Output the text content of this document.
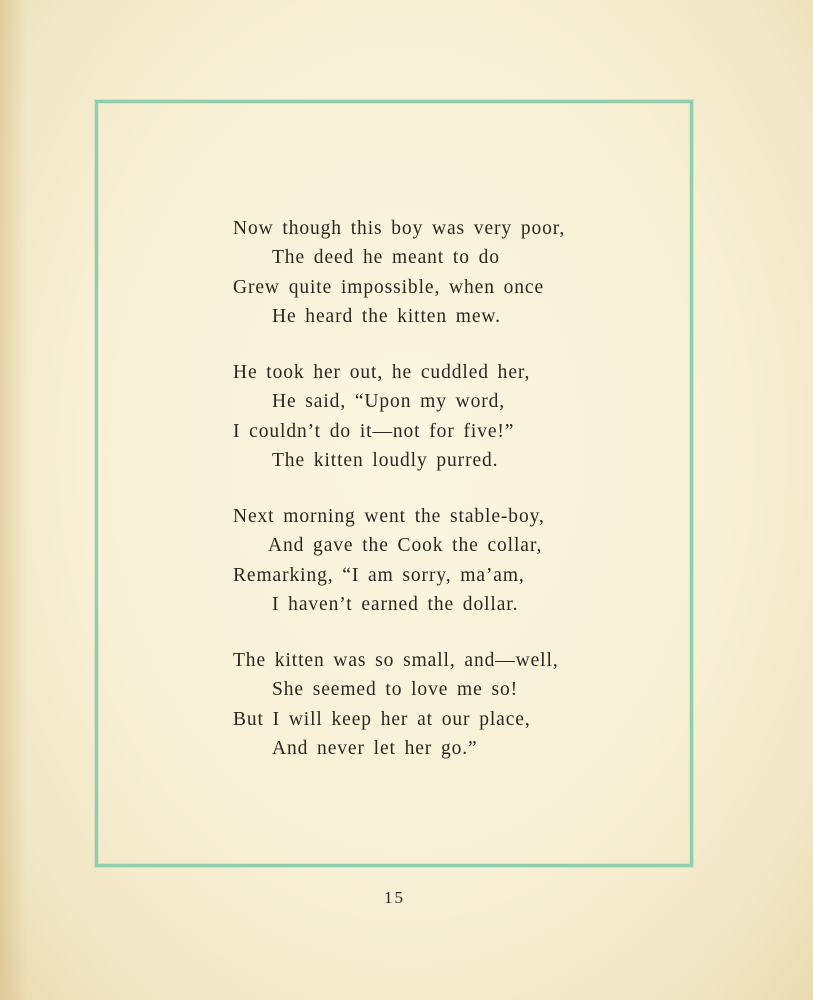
Now though this boy was very poor,
The deed he meant to do
Grew quite impossible, when once
He heard the kitten mew.
He took her out, he cuddled her,
He said, “Upon my word,
I couldn’t do it—not for five!”
The kitten loudly purred.
Next morning went the stable-boy,
And gave the Cook the collar,
Remarking, “I am sorry, ma’am,
I haven’t earned the dollar.
The kitten was so small, and—well,
She seemed to love me so!
But I will keep her at our place,
And never let her go.”
15
